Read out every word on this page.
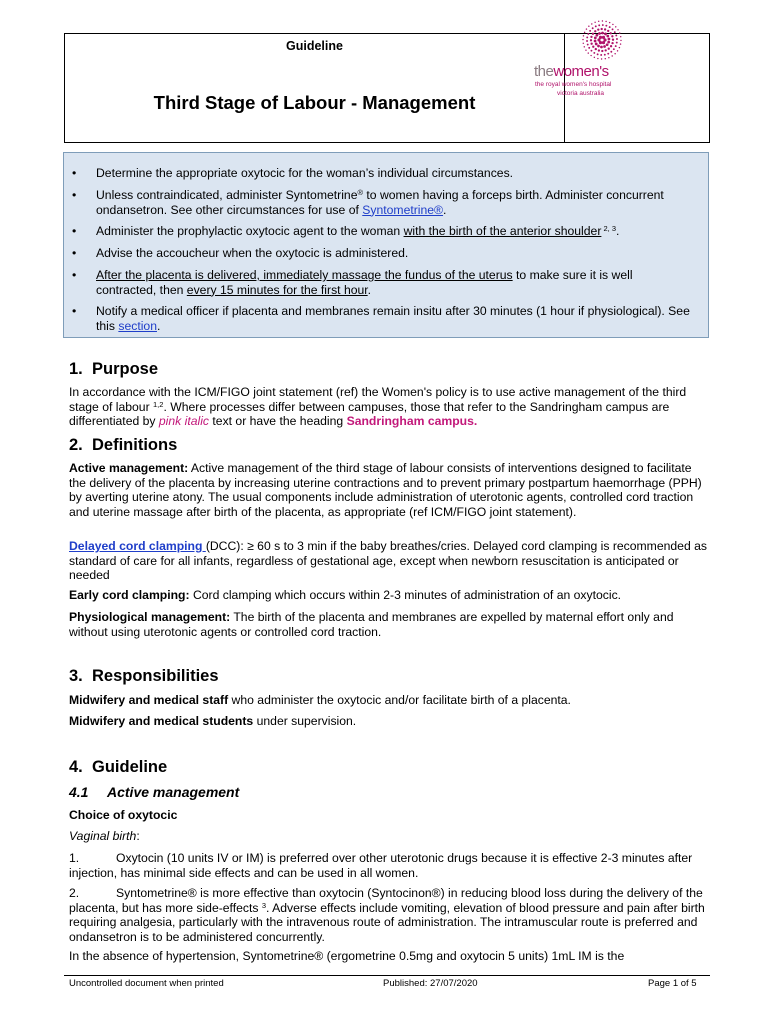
Guideline
Third Stage of Labour - Management
thewomen's
the royal women's hospital
victoria australia
• Determine the appropriate oxytocic for the woman’s individual circumstances.
• Unless contraindicated, administer Syntometrine® to women having a forceps birth. Administer concurrent ondansetron. See other circumstances for use of Syntometrine®.
• Administer the prophylactic oxytocic agent to the woman with the birth of the anterior shoulder $^{2, 3}$.
• Advise the accoucheur when the oxytocic is administered.
• After the placenta is delivered, immediately massage the fundus of the uterus to make sure it is well contracted, then every 15 minutes for the first hour.
• Notify a medical officer if placenta and membranes remain insitu after 30 minutes (1 hour if physiological). See this section.
1. Purpose

In accordance with the ICM/FIGO joint statement (ref) the Women's policy is to use active management of the third stage of labour $^{1,2}$. Where processes differ between campuses, those that refer to the Sandringham campus are differentiated by pink italic text or have the heading Sandringham campus.

2. Definitions

Active management: Active management of the third stage of labour consists of interventions designed to facilitate the delivery of the placenta by increasing uterine contractions and to prevent primary postpartum haemorrhage (PPH) by averting uterine atony. The usual components include administration of uterotonic agents, controlled cord traction and uterine massage after birth of the placenta, as appropriate (ref ICM/FIGO joint statement).

Delayed cord clamping (DCC): ≥ 60 s to 3 min if the baby breathes/cries. Delayed cord clamping is recommended as standard of care for all infants, regardless of gestational age, except when newborn resuscitation is anticipated or needed

Early cord clamping: Cord clamping which occurs within 2-3 minutes of administration of an oxytocic.

Physiological management: The birth of the placenta and membranes are expelled by maternal effort only and without using uterotonic agents or controlled cord traction.

3. Responsibilities

Midwifery and medical staff who administer the oxytocic and/or facilitate birth of a placenta.

Midwifery and medical students under supervision.

4. Guideline
4.1 Active management

Choice of oxytocic

Vaginal birth:

1.	Oxytocin (10 units IV or IM) is preferred over other uterotonic drugs because it is effective 2-3 minutes after injection, has minimal side effects and can be used in all women.

2.	Syntometrine® is more effective than oxytocin (Syntocinon®) in reducing blood loss during the delivery of the placenta, but has more side-effects $^3$. Adverse effects include vomiting, elevation of blood pressure and pain after birth requiring analgesia, particularly with the intravenous route of administration. The intramuscular route is preferred and ondansetron is to be administered concurrently.

In the absence of hypertension, Syntometrine® (ergometrine 0.5mg and oxytocin 5 units) 1mL IM is the

Uncontrolled document when printed	Published: 27/07/2020	Page 1 of 5
